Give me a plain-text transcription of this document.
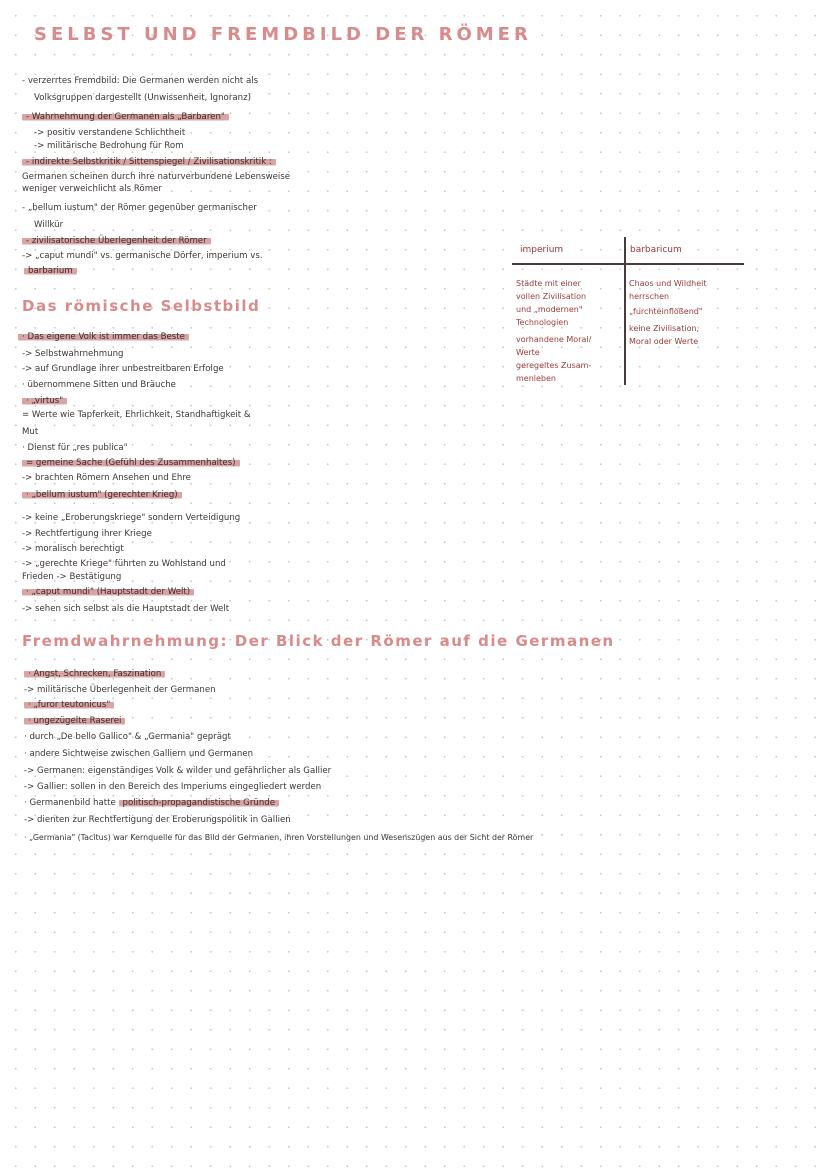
SELBST UND FREMDBILD DER RÖMER
- verzerrtes Fremdbild: Die Germanen werden nicht als
Volksgruppen dargestellt (Unwissenheit, Ignoranz)
- Wahrnehmung der Germanen als „Barbaren"
-> positiv verstandene Schlichtheit
-> militärische Bedrohung für Rom
- indirekte Selbstkritik / Sittenspiegel / Zivilisationskritik :
Germanen scheinen durch ihre naturverbundene Lebensweise
weniger verweichlicht als Römer
- „bellum iustum" der Römer gegenüber germanischer
Willkür
- zivilisatorische Überlegenheit der Römer
-> „caput mundi" vs. germanische Dörfer, imperium vs.
barbarium
Das römische Selbstbild
· Das eigene Volk ist immer das Beste
-> Selbstwahrnehmung
-> auf Grundlage ihrer unbestreitbaren Erfolge
· übernommene Sitten und Bräuche
· „virtus"
= Werte wie Tapferkeit, Ehrlichkeit, Standhaftigkeit &
Mut
· Dienst für „res publica"
= gemeine Sache (Gefühl des Zusammenhaltes)
-> brachten Römern Ansehen und Ehre
· „bellum iustum" (gerechter Krieg)
-> keine „Eroberungskriege" sondern Verteidigung
-> Rechtfertigung ihrer Kriege
-> moralisch berechtigt
-> „gerechte Kriege" führten zu Wohlstand und
Frieden -> Bestätigung
· „caput mundi" (Hauptstadt der Welt)
-> sehen sich selbst als die Hauptstadt der Welt
imperium	barbaricum
Städte mit einer
vollen Zivilisation
und „modernen"
Technologien
vorhandene Moral/
Werte
geregeltes Zusam-
menleben
Chaos und Wildheit
herrschen
„furchteinflößend"
keine Zivilisation,
Moral oder Werte
Fremdwahrnehmung: Der Blick der Römer auf die Germanen
· Angst, Schrecken, Faszination
-> militärische Überlegenheit der Germanen
· „furor teutonicus"
· ungezügelte Raserei
· durch „De bello Gallico" & „Germania" geprägt
· andere Sichtweise zwischen Galliern und Germanen
-> Germanen: eigenständiges Volk & wilder und gefährlicher als Gallier
-> Gallier: sollen in den Bereich des Imperiums eingegliedert werden
· Germanenbild hatte politisch-propagandistische Gründe
-> dienten zur Rechtfertigung der Eroberungspolitik in Gallien
· „Germania" (Tacitus) war Kernquelle für das Bild der Germanen, ihren Vorstellungen und Wesenszügen aus der Sicht der Römer
